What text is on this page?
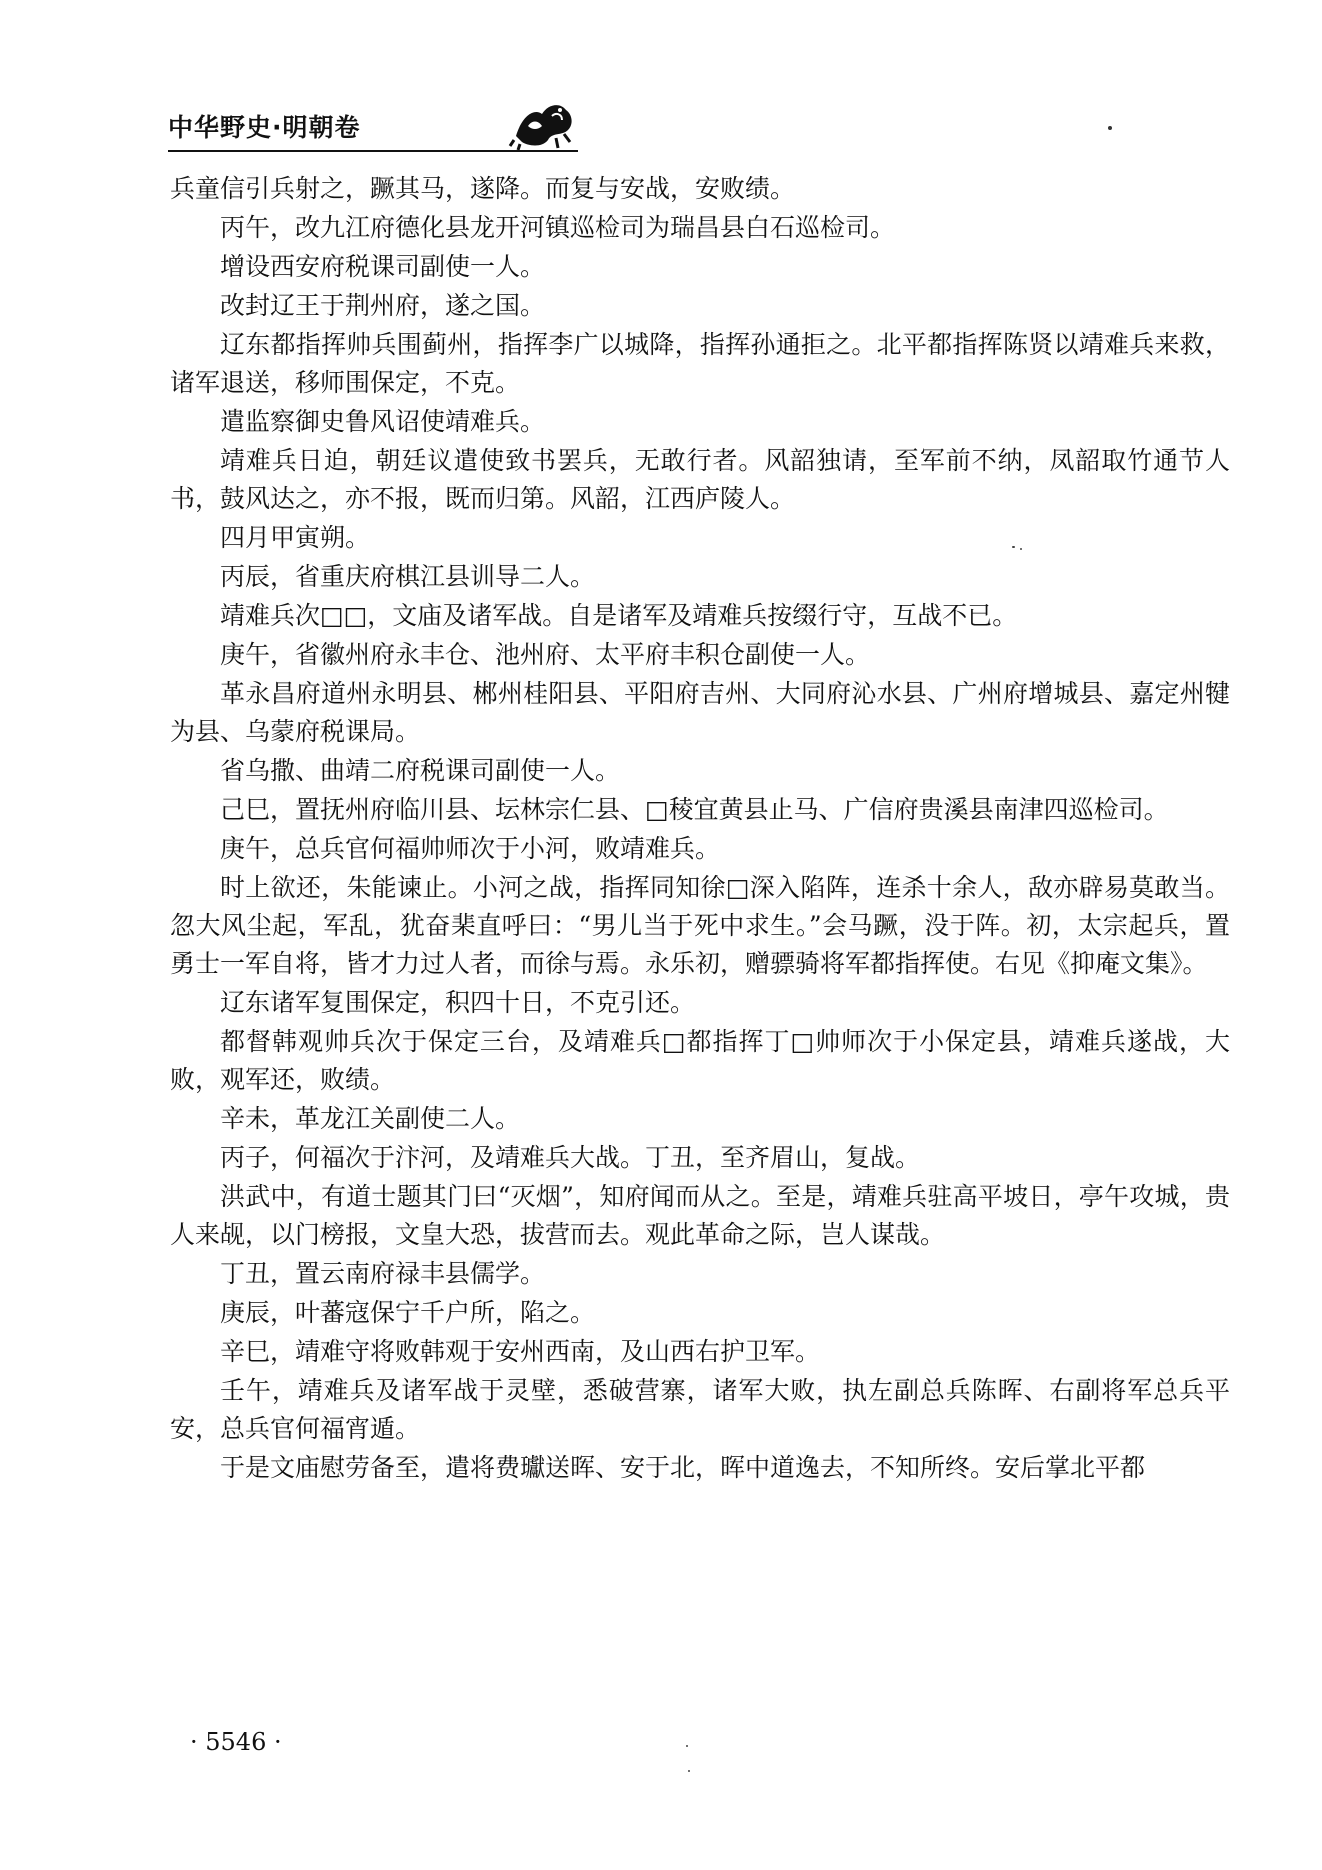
中华野史·明朝卷

兵童信引兵射之，蹶其马，遂降。而复与安战，安败绩。

丙午，改九江府德化县龙开河镇巡检司为瑞昌县白石巡检司。

增设西安府税课司副使一人。

改封辽王于荆州府，遂之国。

辽东都指挥帅兵围蓟州，指挥李广以城降，指挥孙通拒之。北平都指挥陈贤以靖难兵来救，诸军退送，移师围保定，不克。

遣监察御史鲁风诏使靖难兵。

靖难兵日迫，朝廷议遣使致书罢兵，无敢行者。风韶独请，至军前不纳，凤韶取竹通节人书，鼓风达之，亦不报，既而归第。风韶，江西庐陵人。

四月甲寅朔。

丙辰，省重庆府棋江县训导二人。

靖难兵次□□，文庙及诸军战。自是诸军及靖难兵按缀行守，互战不已。

庚午，省徽州府永丰仓、池州府、太平府丰积仓副使一人。

革永昌府道州永明县、郴州桂阳县、平阳府吉州、大同府沁水县、广州府增城县、嘉定州犍为县、乌蒙府税课局。

省乌撒、曲靖二府税课司副使一人。

己巳，置抚州府临川县、坛林宗仁县、□稜宜黄县止马、广信府贵溪县南津四巡检司。

庚午，总兵官何福帅师次于小河，败靖难兵。

时上欲还，朱能谏止。小河之战，指挥同知徐□深入陷阵，连杀十余人，敌亦辟易莫敢当。忽大风尘起，军乱，犹奋棐直呼曰：“男儿当于死中求生。”会马蹶，没于阵。初，太宗起兵，置勇士一军自将，皆才力过人者，而徐与焉。永乐初，赠骠骑将军都指挥使。右见《抑庵文集》。

辽东诸军复围保定，积四十日，不克引还。

都督韩观帅兵次于保定三台，及靖难兵□都指挥丁□帅师次于小保定县，靖难兵遂战，大败，观军还，败绩。

辛未，革龙江关副使二人。

丙子，何福次于汴河，及靖难兵大战。丁丑，至齐眉山，复战。

洪武中，有道士题其门曰“灭烟”，知府闻而从之。至是，靖难兵驻高平坡日，亭午攻城，贵人来觇，以门榜报，文皇大恐，拔营而去。观此革命之际，岂人谋哉。

丁丑，置云南府禄丰县儒学。

庚辰，叶蕃寇保宁千户所，陷之。

辛巳，靖难守将败韩观于安州西南，及山西右护卫军。

壬午，靖难兵及诸军战于灵壁，悉破营寨，诸军大败，执左副总兵陈晖、右副将军总兵平安，总兵官何福宵遁。

于是文庙慰劳备至，遣将费瓛送晖、安于北，晖中道逸去，不知所终。安后掌北平都

· 5546 ·
